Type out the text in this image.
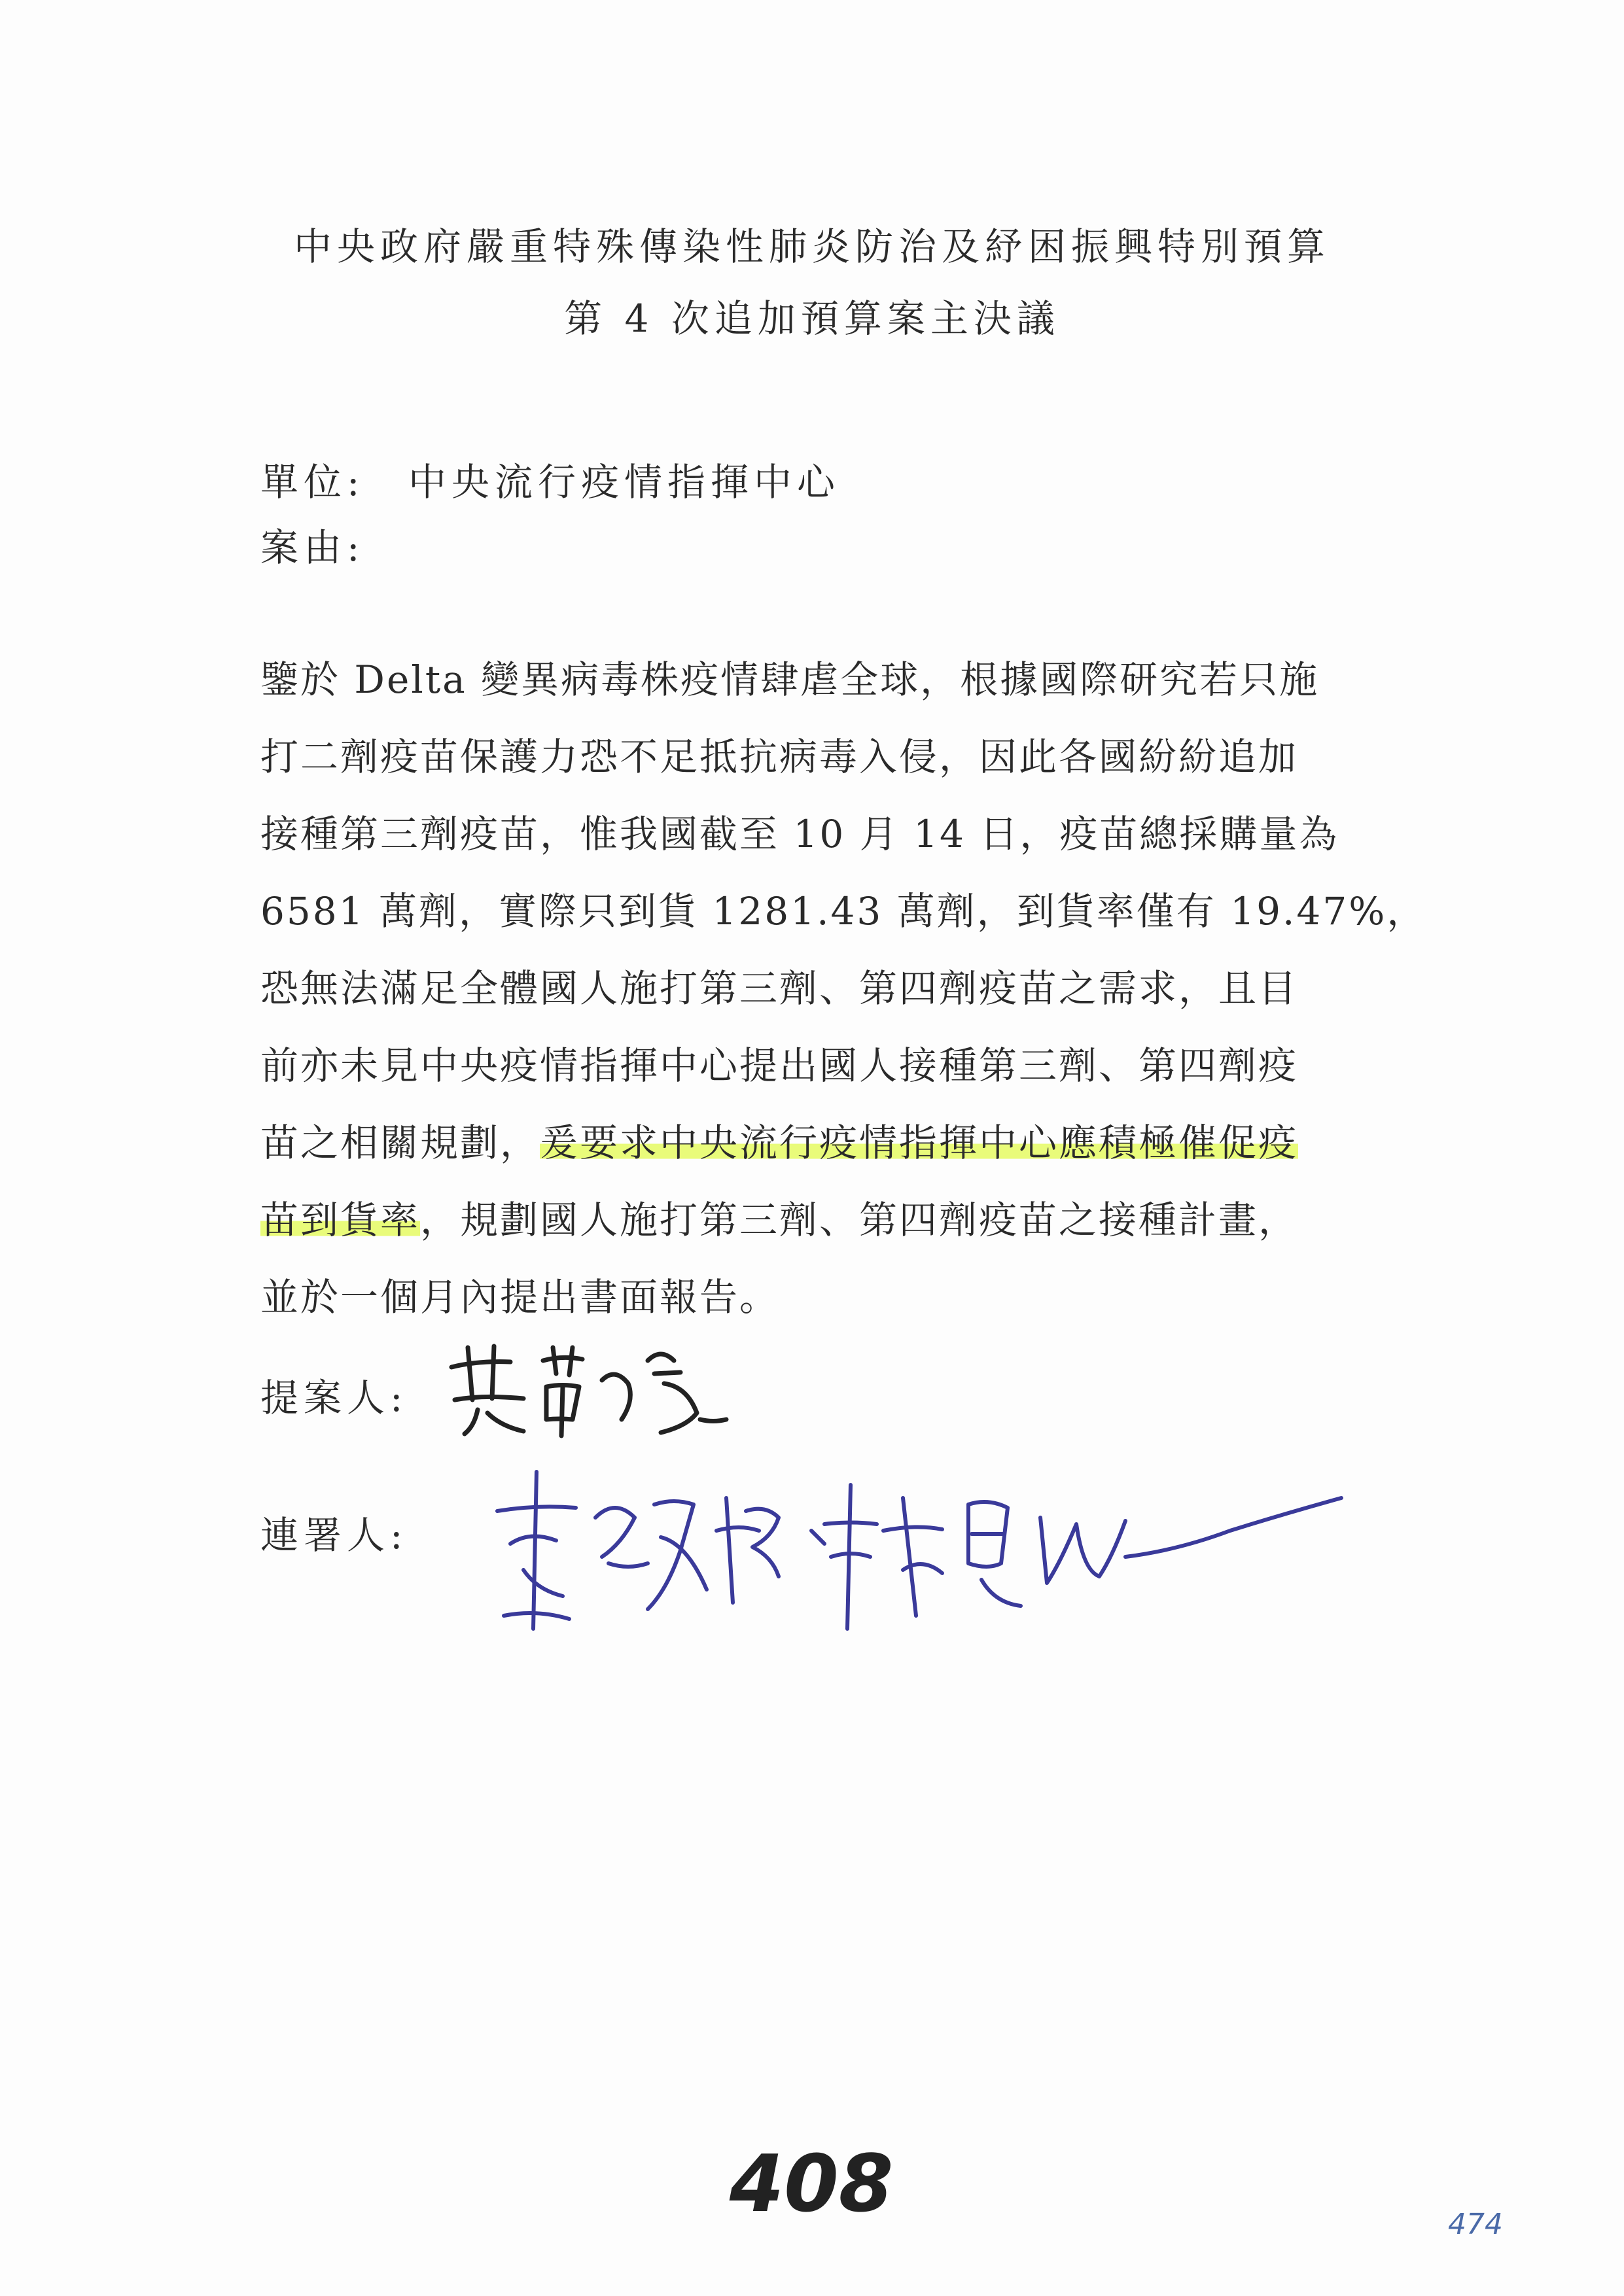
中央政府嚴重特殊傳染性肺炎防治及紓困振興特別預算
第 4 次追加預算案主決議
單位: 中央流行疫情指揮中心
案由:
鑒於 Delta 變異病毒株疫情肆虐全球，根據國際研究若只施
打二劑疫苗保護力恐不足抵抗病毒入侵，因此各國紛紛追加
接種第三劑疫苗，惟我國截至 10 月 14 日，疫苗總採購量為
6581 萬劑，實際只到貨 1281.43 萬劑，到貨率僅有 19.47%，
恐無法滿足全體國人施打第三劑、第四劑疫苗之需求，且目
前亦未見中央疫情指揮中心提出國人接種第三劑、第四劑疫
苗之相關規劃，爰要求中央流行疫情指揮中心應積極催促疫
苗到貨率，規劃國人施打第三劑、第四劑疫苗之接種計畫，
並於一個月內提出書面報告。
提案人:
連署人:
408	474
